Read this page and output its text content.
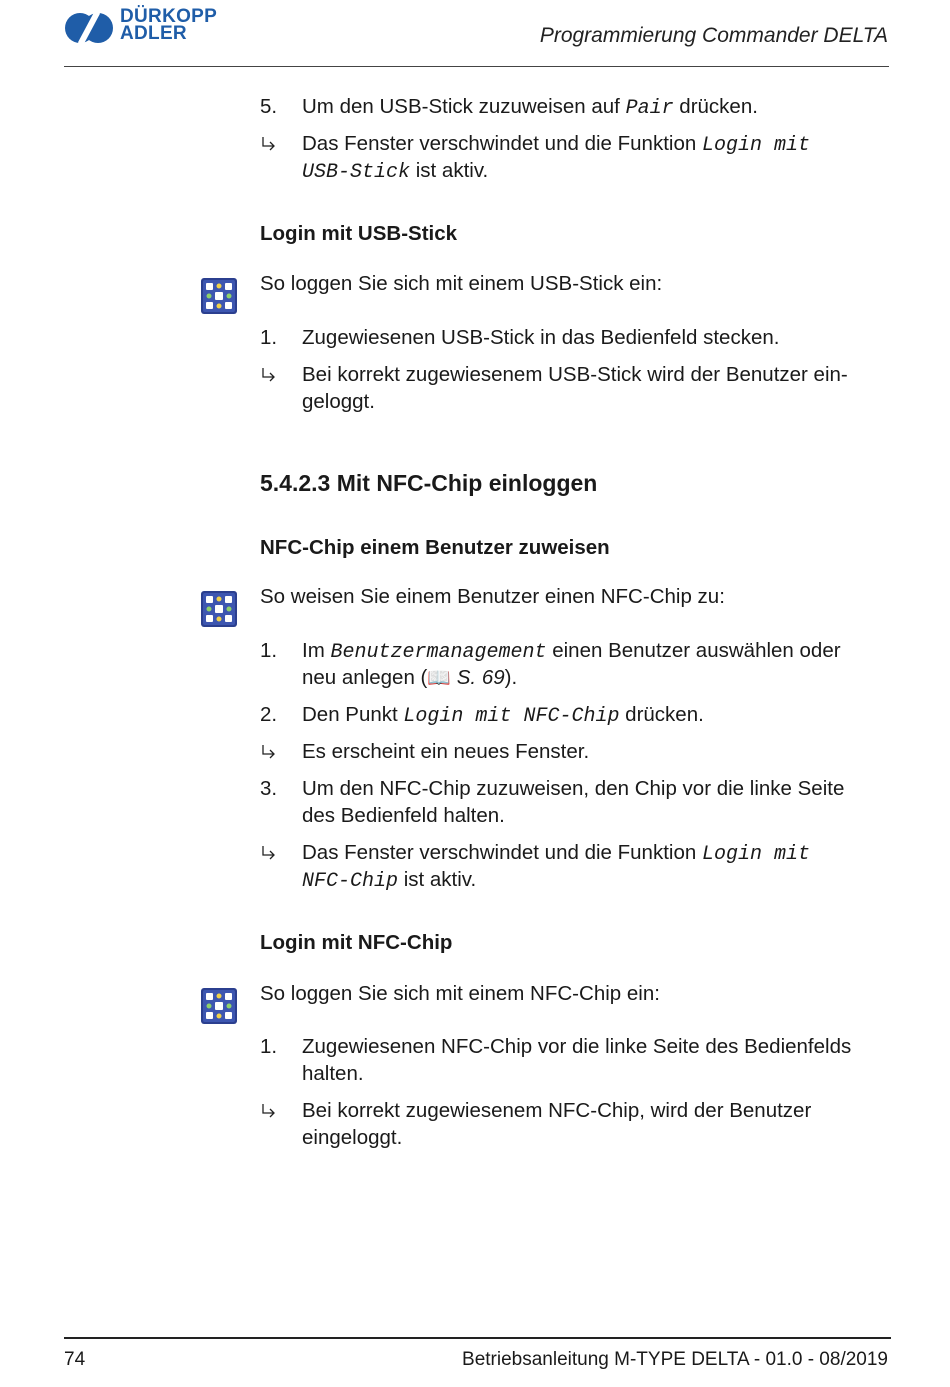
DÜRKOPP
ADLER	Programmierung Commander DELTA
5. Um den USB-Stick zuzuweisen auf Pair drücken.
Das Fenster verschwindet und die Funktion Login mit
USB-Stick ist aktiv.
Login mit USB-Stick
So loggen Sie sich mit einem USB-Stick ein:
1. Zugewiesenen USB-Stick in das Bedienfeld stecken.
Bei korrekt zugewiesenem USB-Stick wird der Benutzer ein-
geloggt.
5.4.2.3 Mit NFC-Chip einloggen
NFC-Chip einem Benutzer zuweisen
So weisen Sie einem Benutzer einen NFC-Chip zu:
1. Im Benutzermanagement einen Benutzer auswählen oder
neu anlegen (📖 S. 69).
2. Den Punkt Login mit NFC-Chip drücken.
Es erscheint ein neues Fenster.
3. Um den NFC-Chip zuzuweisen, den Chip vor die linke Seite
des Bedienfeld halten.
Das Fenster verschwindet und die Funktion Login mit
NFC-Chip ist aktiv.
Login mit NFC-Chip
So loggen Sie sich mit einem NFC-Chip ein:
1. Zugewiesenen NFC-Chip vor die linke Seite des Bedienfelds
halten.
Bei korrekt zugewiesenem NFC-Chip, wird der Benutzer
eingeloggt.
74	Betriebsanleitung M-TYPE DELTA - 01.0 - 08/2019
